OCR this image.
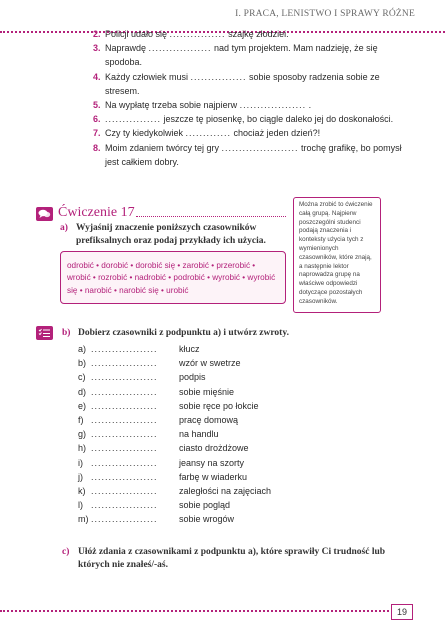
I. PRACA, LENISTWO I SPRAWY RÓŻNE
2. Policji udało się ................ szajkę złodziei.
3. Naprawdę .................. nad tym projektem. Mam nadzieję, że się spodoba.
4. Każdy człowiek musi ................ sobie sposoby radzenia sobie ze stresem.
5. Na wypłatę trzeba sobie najpierw ................... .
6. ................ jeszcze tę piosenkę, bo ciągle daleko jej do doskonałości.
7. Czy ty kiedykolwiek ............. chociaż jeden dzień?!
8. Moim zdaniem twórcy tej gry ...................... trochę grafikę, bo pomysł jest całkiem dobry.
Ćwiczenie 17
a) Wyjaśnij znaczenie poniższych czasowników prefiksalnych oraz podaj przykłady ich użycia.
odrobić • dorobić • dorobić się • zarobić • przerobić • wrobić • rozrobić • nadrobić • podrobić • wyrobić • wyrobić się • narobić • narobić się • urobić
Można zrobić to ćwiczenie całą grupą. Najpierw poszczególni studenci podają znaczenia i konteksty użycia tych z wymienionych czasowników, które znają, a następnie lektor naprowadza grupę na właściwe odpowiedzi dotyczące pozostałych czasowników.
b) Dobierz czasowniki z podpunktu a) i utwórz zwroty.
a) ...................	kłucz
b) ...................	wzór w swetrze
c) ...................	podpis
d) ...................	sobie mięśnie
e) ...................	sobie ręce po łokcie
f) ...................	pracę domową
g) ...................	na handlu
h) ...................	ciasto drożdżowe
i) ...................	jeansy na szorty
j) ...................	farbę w wiaderku
k) ...................	zaległości na zajęciach
l) ...................	sobie pogląd
m) ...................	sobie wrogów
c) Ułóż zdania z czasownikami z podpunktu a), które sprawiły Ci trudność lub których nie znałeś/-aś.
19
